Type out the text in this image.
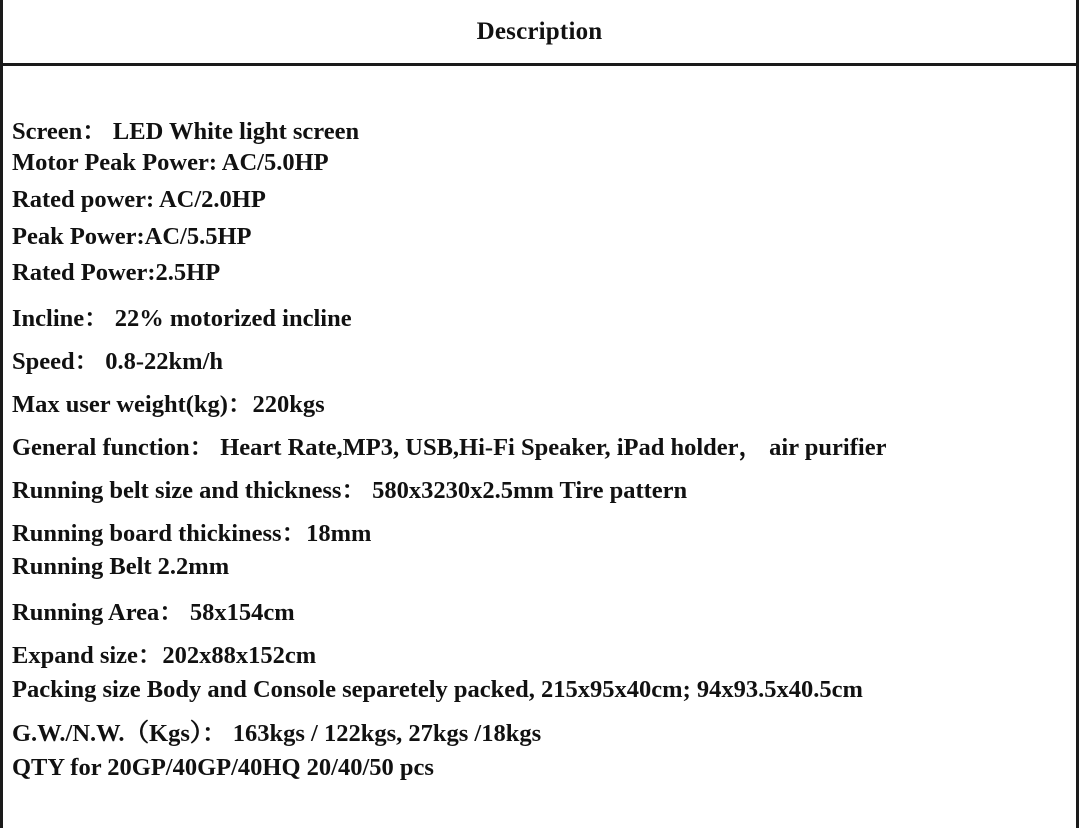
Description
Screen： LED White light screen
Motor Peak Power: AC/5.0HP
Rated power: AC/2.0HP
Peak Power:AC/5.5HP
Rated Power:2.5HP
Incline： 22% motorized incline
Speed： 0.8-22km/h
Max user weight(kg)：220kgs
General function： Heart Rate,MP3, USB,Hi-Fi Speaker, iPad holder， air purifier
Running belt size and thickness： 580x3230x2.5mm Tire pattern
Running board thickiness：18mm
Running Belt 2.2mm
Running Area： 58x154cm
Expand size：202x88x152cm
Packing size Body and Console separetely packed, 215x95x40cm; 94x93.5x40.5cm
G.W./N.W.（Kgs）： 163kgs / 122kgs, 27kgs /18kgs
QTY for 20GP/40GP/40HQ 20/40/50 pcs
